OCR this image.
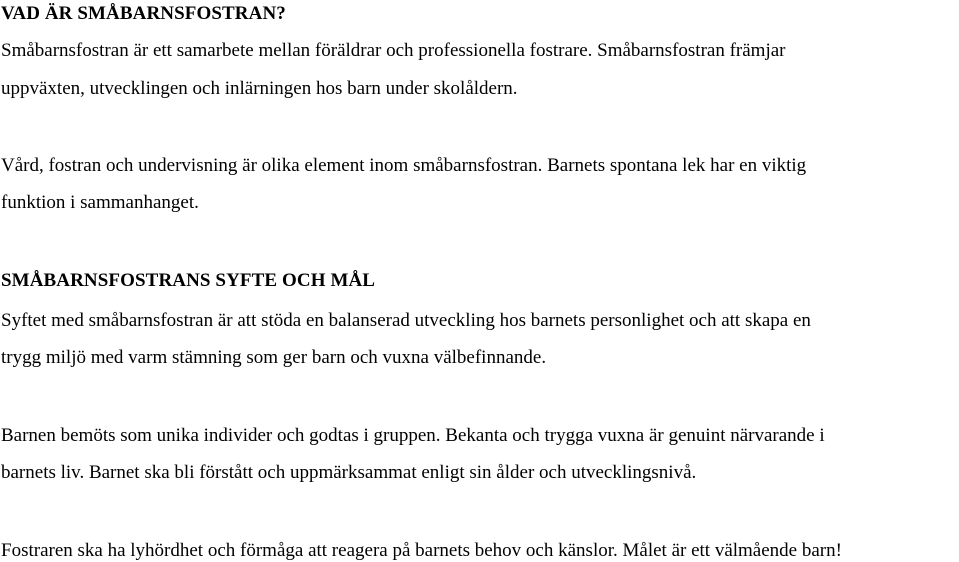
VAD ÄR SMÅBARNSFOSTRAN?
Småbarnsfostran är ett samarbete mellan föräldrar och professionella fostrare. Småbarnsfostran främjar
uppväxten, utvecklingen och inlärningen hos barn under skolåldern.
Vård, fostran och undervisning är olika element inom småbarnsfostran. Barnets spontana lek har en viktig
funktion i sammanhanget.
SMÅBARNSFOSTRANS SYFTE OCH MÅL
Syftet med småbarnsfostran är att stöda en balanserad utveckling hos barnets personlighet och att skapa en
trygg miljö med varm stämning som ger barn och vuxna välbefinnande.
Barnen bemöts som unika individer och godtas i gruppen. Bekanta och trygga vuxna är genuint närvarande i
barnets liv. Barnet ska bli förstått och uppmärksammat enligt sin ålder och utvecklingsnivå.
Fostraren ska ha lyhördhet och förmåga att reagera på barnets behov och känslor. Målet är ett välmående barn!
